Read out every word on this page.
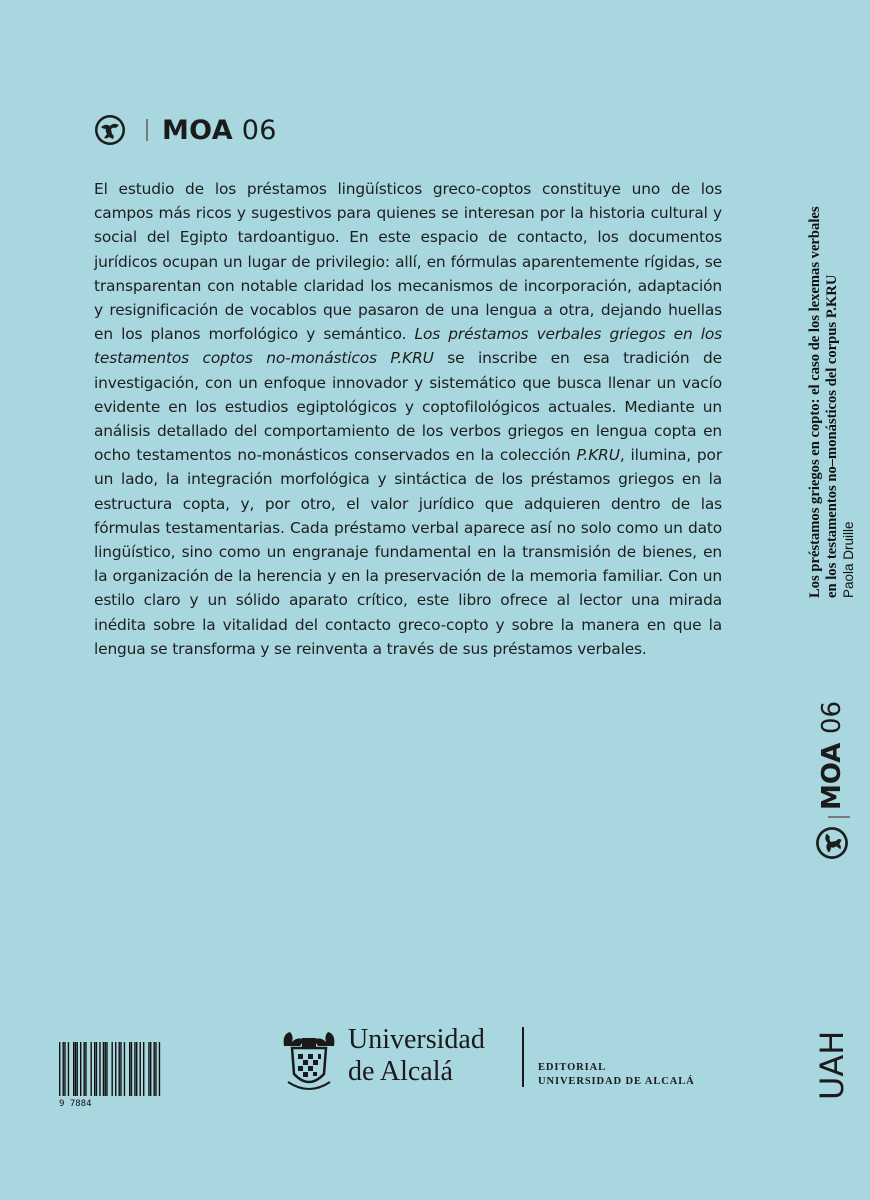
MOA 06

El estudio de los préstamos lingüísticos greco-coptos constituye uno de los campos más ricos y sugestivos para quienes se interesan por la historia cultural y social del Egipto tardoantiguo. En este espacio de contacto, los documentos jurídicos ocupan un lugar de privilegio: allí, en fórmulas aparentemente rígidas, se transparentan con notable claridad los mecanismos de incorporación, adaptación y resignificación de vocablos que pasaron de una lengua a otra, dejando huellas en los planos morfológico y semántico. Los préstamos verbales griegos en los testamentos coptos no-monásticos P.KRU se inscribe en esa tradición de investigación, con un enfoque innovador y sistemático que busca llenar un vacío evidente en los estudios egiptológicos y coptofilológicos actuales. Mediante un análisis detallado del comportamiento de los verbos griegos en lengua copta en ocho testamentos no-monásticos conservados en la colección P.KRU, ilumina, por un lado, la integración morfológica y sintáctica de los préstamos griegos en la estructura copta, y, por otro, el valor jurídico que adquieren dentro de las fórmulas testamentarias. Cada préstamo verbal aparece así no solo como un dato lingüístico, sino como un engranaje fundamental en la transmisión de bienes, en la organización de la herencia y en la preservación de la memoria familiar. Con un estilo claro y un sólido aparato crítico, este libro ofrece al lector una mirada inédita sobre la vitalidad del contacto greco-copto y sobre la manera en que la lengua se transforma y se reinventa a través de sus préstamos verbales.

9 7884
Universidad
de Alcalá	EDITORIAL
UNIVERSIDAD DE ALCALÁ
Los préstamos griegos en copto: el caso de los lexemas verbales en los testamentos no–monásticos del corpus P.KRU Paola Druille
MOA

06
UAH
